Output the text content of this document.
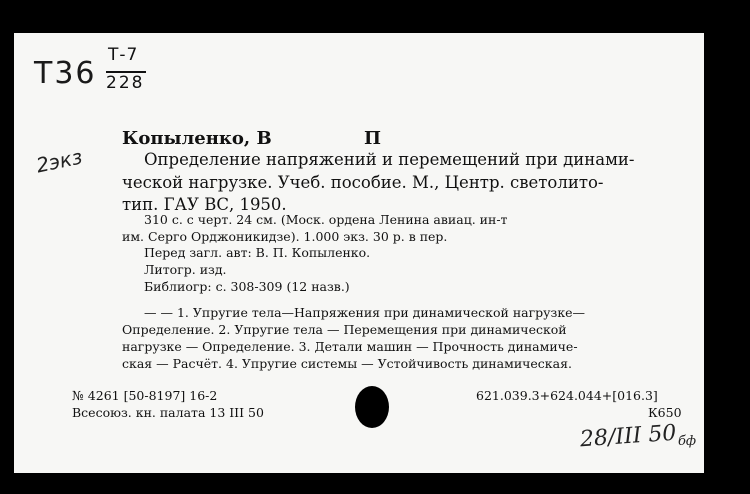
Т36
Т-7
228
2экз
Копыленко, В	П
Определение напряжений и перемещений при динами-
ческой нагрузке. Учеб. пособие. М., Центр. светолито-
тип. ГАУ ВС, 1950.
310 с. с черт. 24 см. (Моск. ордена Ленина авиац. ин-т
им. Серго Орджоникидзе). 1.000 экз. 30 р. в пер.
Перед загл. авт: В. П. Копыленко.
Литогр. изд.
Библиогр: с. 308-309 (12 назв.)
— — 1. Упругие тела—Напряжения при динамической нагрузке—
Определение. 2. Упругие тела — Перемещения при динамической
нагрузке — Определение. 3. Детали машин — Прочность динамиче-
ская — Расчёт. 4. Упругие системы — Устойчивость динамическая.
№ 4261 [50-8197] 16-2
Всесоюз. кн. палата 13 III 50
621.039.3+624.044+[016.3]
К650
28/III 50 бф
